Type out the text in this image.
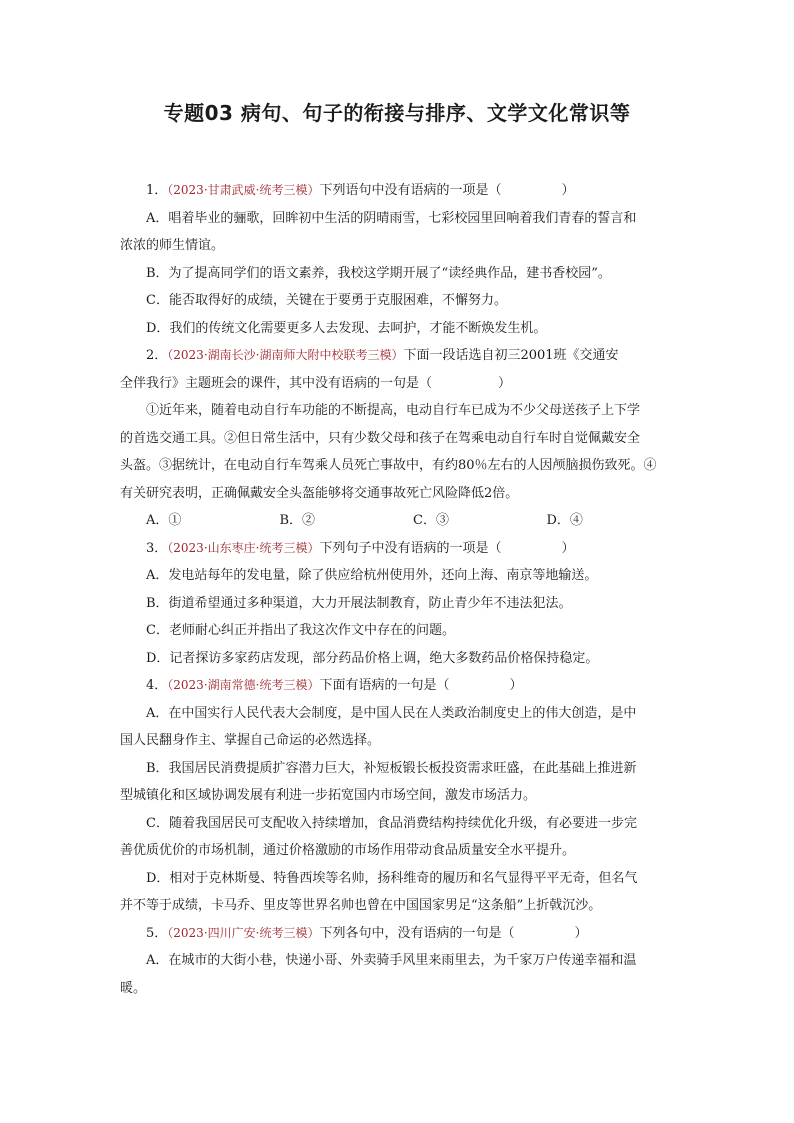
专题03 病句、句子的衔接与排序、文学文化常识等
1．（2023·甘肃武威·统考三模）下列语句中没有语病的一项是（	）
A．唱着毕业的骊歌，回眸初中生活的阴晴雨雪，七彩校园里回响着我们青春的誓言和
浓浓的师生情谊。
B．为了提高同学们的语文素养，我校这学期开展了“读经典作品，建书香校园”。
C．能否取得好的成绩，关键在于要勇于克服困难，不懈努力。
D．我们的传统文化需要更多人去发现、去呵护，才能不断焕发生机。
2．（2023·湖南长沙·湖南师大附中校联考三模）下面一段话选自初三2001班《交通安
全伴我行》主题班会的课件，其中没有语病的一句是（	）
①近年来，随着电动自行车功能的不断提高，电动自行车已成为不少父母送孩子上下学
的首选交通工具。②但日常生活中，只有少数父母和孩子在驾乘电动自行车时自觉佩戴安全
头盔。③据统计，在电动自行车驾乘人员死亡事故中，有约80％左右的人因颅脑损伤致死。④
有关研究表明，正确佩戴安全头盔能够将交通事故死亡风险降低2倍。
A．①	B．②	C．③	D．④
3．（2023·山东枣庄·统考三模）下列句子中没有语病的一项是（	）
A．发电站每年的发电量，除了供应给杭州使用外，还向上海、南京等地输送。
B．街道希望通过多种渠道，大力开展法制教育，防止青少年不违法犯法。
C．老师耐心纠正并指出了我这次作文中存在的问题。
D．记者探访多家药店发现，部分药品价格上调，绝大多数药品价格保持稳定。
4．（2023·湖南常德·统考三模）下面有语病的一句是（	）
A．在中国实行人民代表大会制度，是中国人民在人类政治制度史上的伟大创造，是中
国人民翻身作主、掌握自己命运的必然选择。
B．我国居民消费提质扩容潜力巨大，补短板锻长板投资需求旺盛，在此基础上推进新
型城镇化和区域协调发展有利进一步拓宽国内市场空间，激发市场活力。
C．随着我国居民可支配收入持续增加，食品消费结构持续优化升级，有必要进一步完
善优质优价的市场机制，通过价格激励的市场作用带动食品质量安全水平提升。
D．相对于克林斯曼、特鲁西埃等名帅，扬科维奇的履历和名气显得平平无奇，但名气
并不等于成绩，卡马乔、里皮等世界名帅也曾在中国国家男足“这条船”上折戟沉沙。
5．（2023·四川广安·统考三模）下列各句中，没有语病的一句是（	）
A．在城市的大街小巷，快递小哥、外卖骑手风里来雨里去，为千家万户传递幸福和温
暖。
